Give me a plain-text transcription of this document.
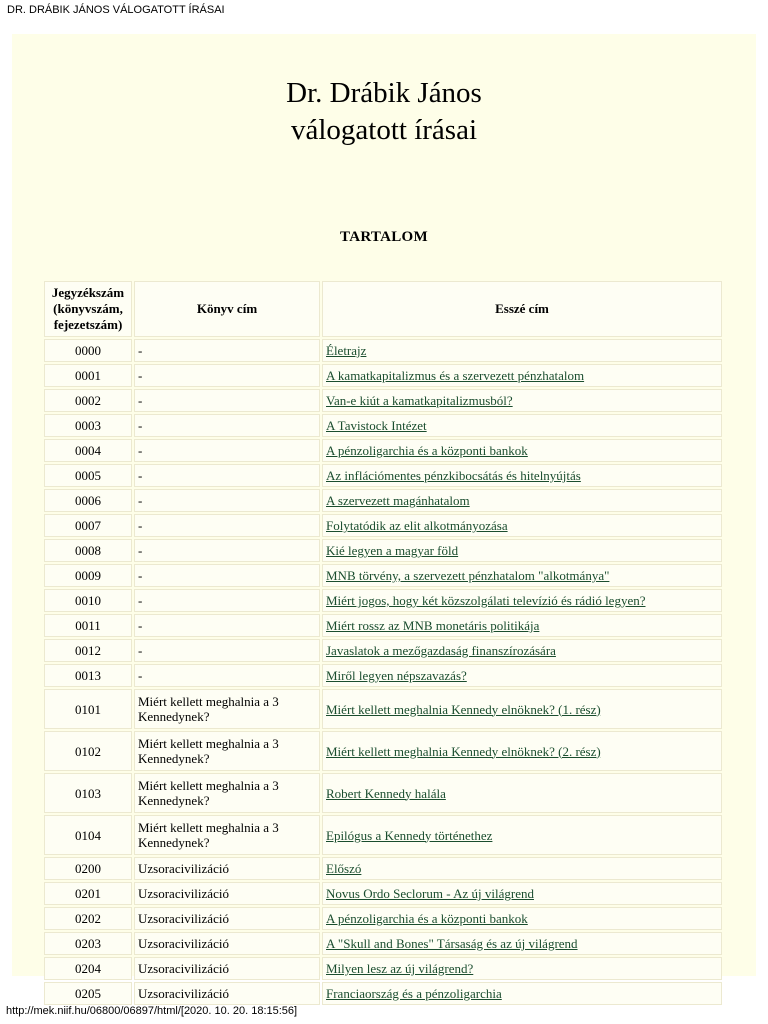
DR. DRÁBIK JÁNOS VÁLOGATOTT ÍRÁSAI
Dr. Drábik János
válogatott írásai
TARTALOM
Jegyzékszám (könyvszám, fejezetszám)	Könyv cím	Esszé cím
0000	-	Életrajz
0001	-	A kamatkapitalizmus és a szervezett pénzhatalom
0002	-	Van-e kiút a kamatkapitalizmusból?
0003	-	A Tavistock Intézet
0004	-	A pénzoligarchia és a központi bankok
0005	-	Az inflációmentes pénzkibocsátás és hitelnyújtás
0006	-	A szervezett magánhatalom
0007	-	Folytatódik az elit alkotmányozása
0008	-	Kié legyen a magyar föld
0009	-	MNB törvény, a szervezett pénzhatalom "alkotmánya"
0010	-	Miért jogos, hogy két közszolgálati televízió és rádió legyen?
0011	-	Miért rossz az MNB monetáris politikája
0012	-	Javaslatok a mezőgazdaság finanszírozására
0013	-	Miről legyen népszavazás?
0101	Miért kellett meghalnia a 3 Kennedynek?	Miért kellett meghalnia Kennedy elnöknek? (1. rész)
0102	Miért kellett meghalnia a 3 Kennedynek?	Miért kellett meghalnia Kennedy elnöknek? (2. rész)
0103	Miért kellett meghalnia a 3 Kennedynek?	Robert Kennedy halála
0104	Miért kellett meghalnia a 3 Kennedynek?	Epilógus a Kennedy történethez
0200	Uzsoracivilizáció	Előszó
0201	Uzsoracivilizáció	Novus Ordo Seclorum - Az új világrend
0202	Uzsoracivilizáció	A pénzoligarchia és a központi bankok
0203	Uzsoracivilizáció	A "Skull and Bones" Társaság és az új világrend
0204	Uzsoracivilizáció	Milyen lesz az új világrend?
0205	Uzsoracivilizáció	Franciaország és a pénzoligarchia
http://mek.niif.hu/06800/06897/html/[2020. 10. 20. 18:15:56]
